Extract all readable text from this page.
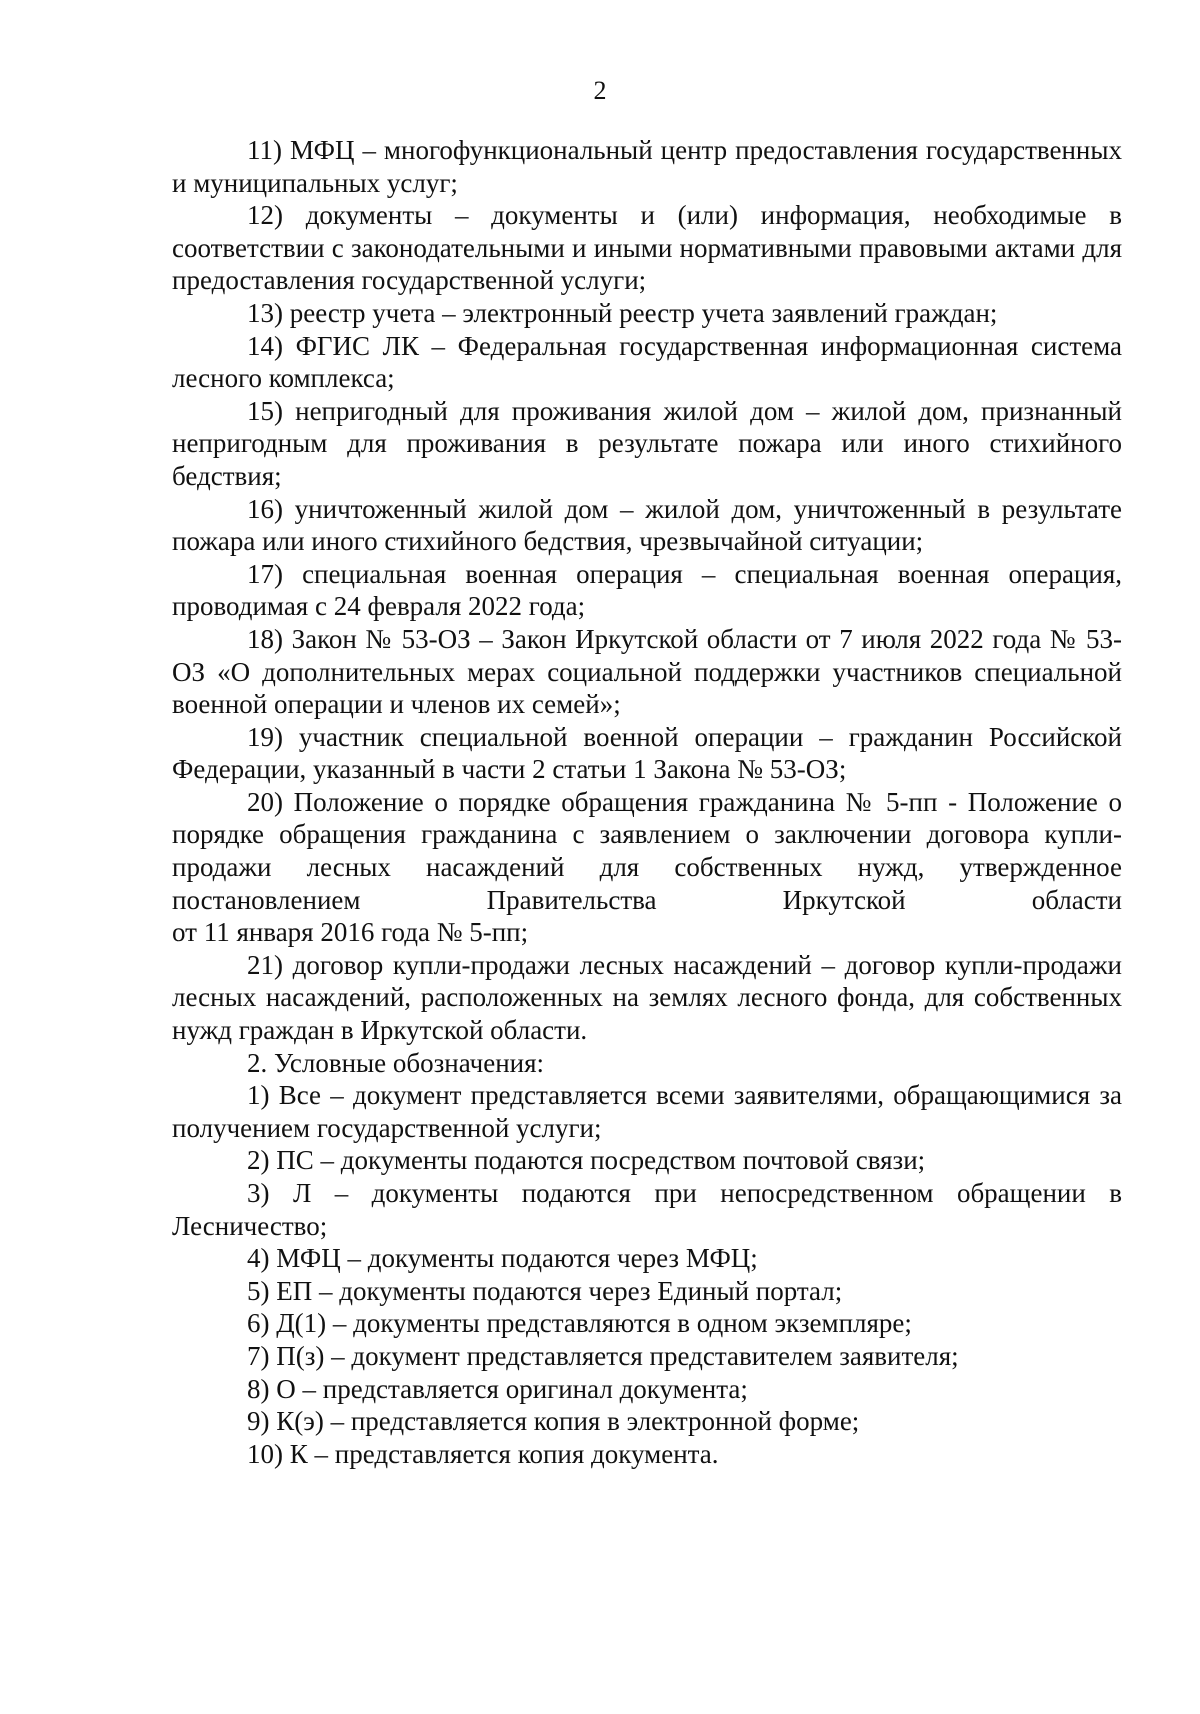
2

11) МФЦ – многофункциональный центр предоставления государственных и муниципальных услуг;

12) документы – документы и (или) информация, необходимые в соответствии с законодательными и иными нормативными правовыми актами для предоставления государственной услуги;

13) реестр учета – электронный реестр учета заявлений граждан;

14) ФГИС ЛК – Федеральная государственная информационная система лесного комплекса;

15) непригодный для проживания жилой дом – жилой дом, признанный непригодным для проживания в результате пожара или иного стихийного бедствия;

16) уничтоженный жилой дом – жилой дом, уничтоженный в результате пожара или иного стихийного бедствия, чрезвычайной ситуации;

17) специальная военная операция – специальная военная операция, проводимая с 24 февраля 2022 года;

18) Закон № 53-ОЗ – Закон Иркутской области от 7 июля 2022 года № 53-ОЗ «О дополнительных мерах социальной поддержки участников специальной военной операции и членов их семей»;

19) участник специальной военной операции – гражданин Российской Федерации, указанный в части 2 статьи 1 Закона № 53-ОЗ;

20) Положение о порядке обращения гражданина № 5-пп - Положение о порядке обращения гражданина с заявлением о заключении договора купли-продажи лесных насаждений для собственных нужд, утвержденное постановлением Правительства Иркутской области

от 11 января 2016 года № 5-пп;

21) договор купли-продажи лесных насаждений – договор купли-продажи лесных насаждений, расположенных на землях лесного фонда, для собственных нужд граждан в Иркутской области.

2. Условные обозначения:

1) Все – документ представляется всеми заявителями, обращающимися за получением государственной услуги;

2) ПС – документы подаются посредством почтовой связи;

3) Л – документы подаются при непосредственном обращении в Лесничество;

4) МФЦ – документы подаются через МФЦ;

5) ЕП – документы подаются через Единый портал;

6) Д(1) – документы представляются в одном экземпляре;

7) П(з) – документ представляется представителем заявителя;

8) О – представляется оригинал документа;

9) К(э) – представляется копия в электронной форме;

10) К – представляется копия документа.
